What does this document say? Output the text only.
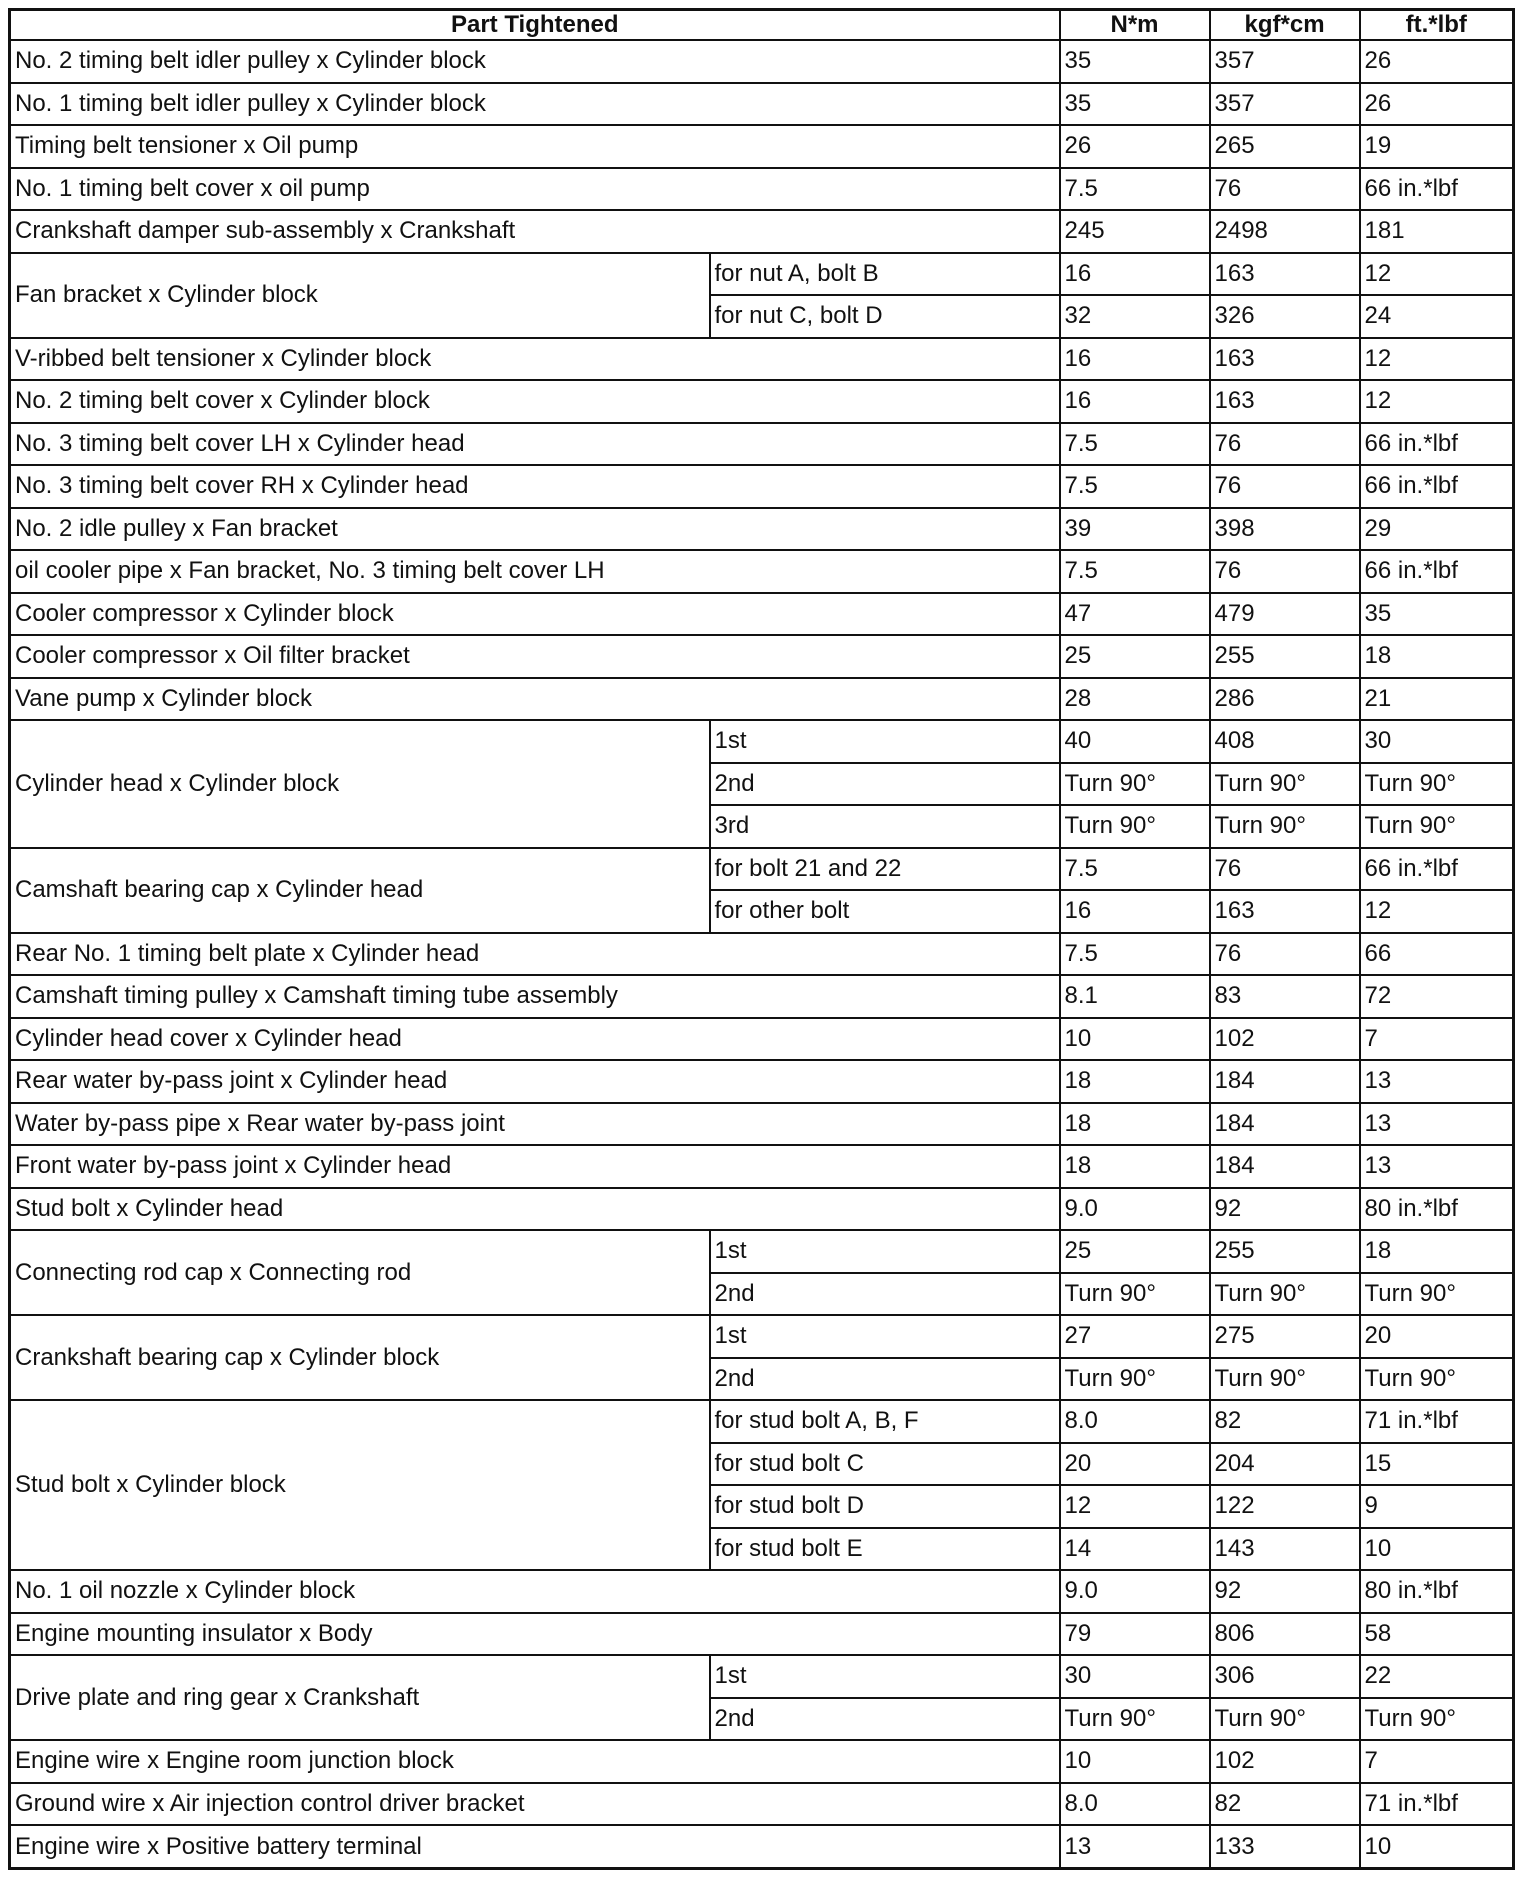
Part Tightened		N*m	kgf*cm	ft.*lbf
No. 2 timing belt idler pulley x Cylinder block		35	357	26
No. 1 timing belt idler pulley x Cylinder block		35	357	26
Timing belt tensioner x Oil pump		26	265	19
No. 1 timing belt cover x oil pump		7.5	76	66 in.*lbf
Crankshaft damper sub-assembly x Crankshaft		245	2498	181
Fan bracket x Cylinder block	for nut A, bolt B	16	163	12
	for nut C, bolt D	32	326	24
V-ribbed belt tensioner x Cylinder block		16	163	12
No. 2 timing belt cover x Cylinder block		16	163	12
No. 3 timing belt cover LH x Cylinder head		7.5	76	66 in.*lbf
No. 3 timing belt cover RH x Cylinder head		7.5	76	66 in.*lbf
No. 2 idle pulley x Fan bracket		39	398	29
oil cooler pipe x Fan bracket, No. 3 timing belt cover LH		7.5	76	66 in.*lbf
Cooler compressor x Cylinder block		47	479	35
Cooler compressor x Oil filter bracket		25	255	18
Vane pump x Cylinder block		28	286	21
Cylinder head x Cylinder block	1st	40	408	30
	2nd	Turn 90°	Turn 90°	Turn 90°
	3rd	Turn 90°	Turn 90°	Turn 90°
Camshaft bearing cap x Cylinder head	for bolt 21 and 22	7.5	76	66 in.*lbf
	for other bolt	16	163	12
Rear No. 1 timing belt plate x Cylinder head		7.5	76	66
Camshaft timing pulley x Camshaft timing tube assembly		8.1	83	72
Cylinder head cover x Cylinder head		10	102	7
Rear water by-pass joint x Cylinder head		18	184	13
Water by-pass pipe x Rear water by-pass joint		18	184	13
Front water by-pass joint x Cylinder head		18	184	13
Stud bolt x Cylinder head		9.0	92	80 in.*lbf
Connecting rod cap x Connecting rod	1st	25	255	18
	2nd	Turn 90°	Turn 90°	Turn 90°
Crankshaft bearing cap x Cylinder block	1st	27	275	20
	2nd	Turn 90°	Turn 90°	Turn 90°
Stud bolt x Cylinder block	for stud bolt A, B, F	8.0	82	71 in.*lbf
	for stud bolt C	20	204	15
	for stud bolt D	12	122	9
	for stud bolt E	14	143	10
No. 1 oil nozzle x Cylinder block		9.0	92	80 in.*lbf
Engine mounting insulator x Body		79	806	58
Drive plate and ring gear x Crankshaft	1st	30	306	22
	2nd	Turn 90°	Turn 90°	Turn 90°
Engine wire x Engine room junction block		10	102	7
Ground wire x Air injection control driver bracket		8.0	82	71 in.*lbf
Engine wire x Positive battery terminal		13	133	10
